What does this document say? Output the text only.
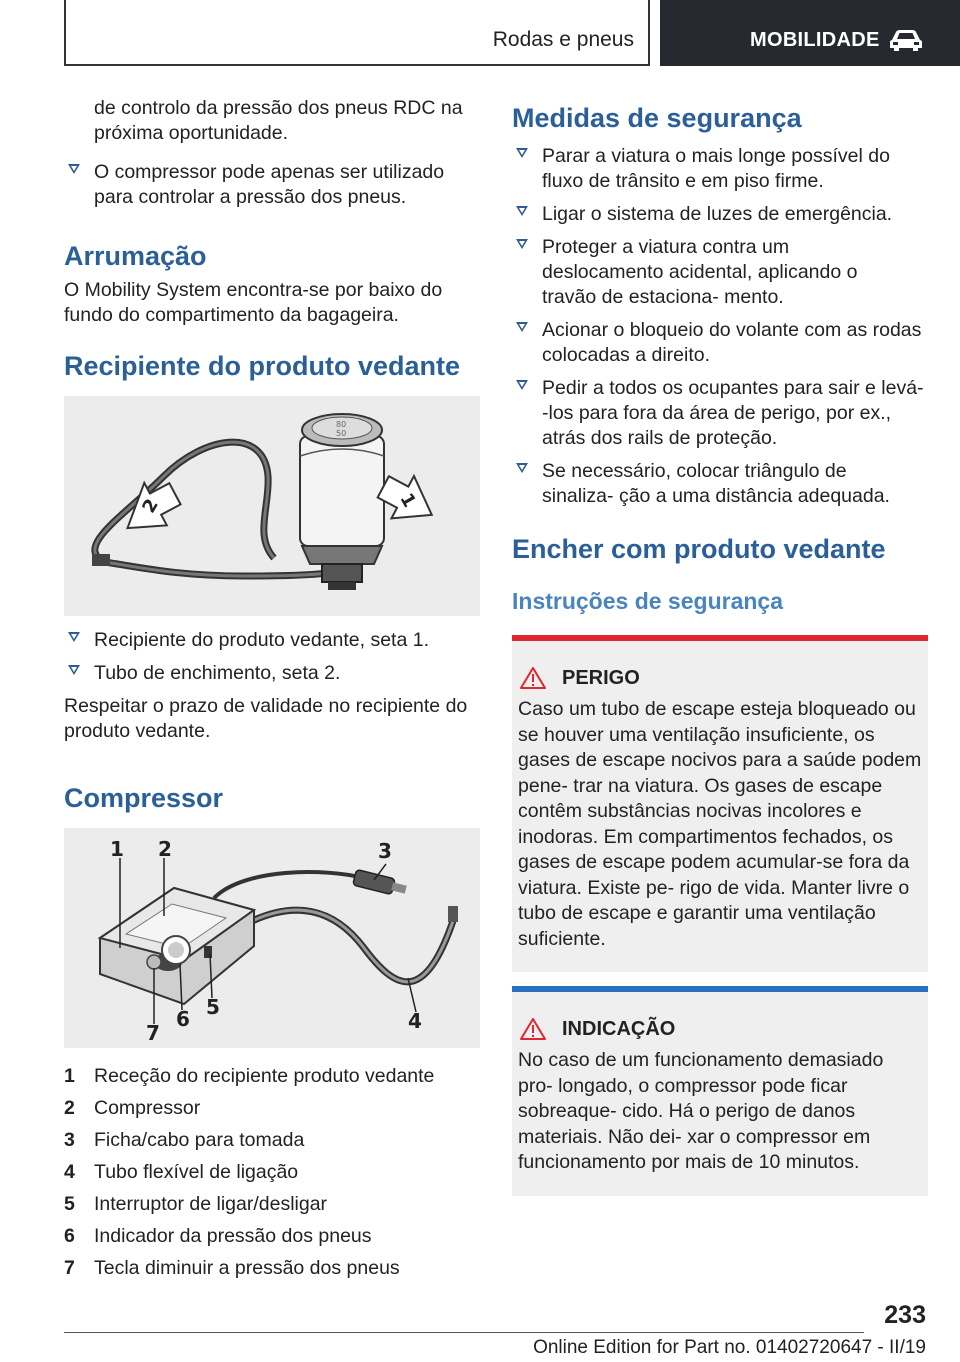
Rodas e pneus	MOBILIDADE
de controlo da pressão dos pneus RDC na próxima oportunidade.
O compressor pode apenas ser utilizado para controlar a pressão dos pneus.
Arrumação
O Mobility System encontra-se por baixo do fundo do compartimento da bagageira.
Recipiente do produto vedante
80
50
2	1
Recipiente do produto vedante, seta 1.
Tubo de enchimento, seta 2.
Respeitar o prazo de validade no recipiente do produto vedante.
Compressor
1 2	3
4
5
6
7
1 Receção do recipiente produto vedante
2 Compressor
3 Ficha/cabo para tomada
4 Tubo flexível de ligação
5 Interruptor de ligar/desligar
6 Indicador da pressão dos pneus
7 Tecla diminuir a pressão dos pneus
Medidas de segurança
Parar a viatura o mais longe possível do fluxo de trânsito e em piso firme.
Ligar o sistema de luzes de emergência.
Proteger a viatura contra um deslocamento acidental, aplicando o travão de estaciona- mento.
Acionar o bloqueio do volante com as rodas colocadas a direito.
Pedir a todos os ocupantes para sair e levá- -los para fora da área de perigo, por ex., atrás dos rails de proteção.
Se necessário, colocar triângulo de sinaliza- ção a uma distância adequada.
Encher com produto vedante
Instruções de segurança
PERIGO
Caso um tubo de escape esteja bloqueado ou se houver uma ventilação insuficiente, os gases de escape nocivos para a saúde podem pene- trar na viatura. Os gases de escape contêm substâncias nocivas incolores e inodoras. Em compartimentos fechados, os gases de escape podem acumular-se fora da viatura. Existe pe- rigo de vida. Manter livre o tubo de escape e garantir uma ventilação suficiente.
INDICAÇÃO
No caso de um funcionamento demasiado pro- longado, o compressor pode ficar sobreaque- cido. Há o perigo de danos materiais. Não dei- xar o compressor em funcionamento por mais de 10 minutos.
233
Online Edition for Part no. 01402720647 - II/19
